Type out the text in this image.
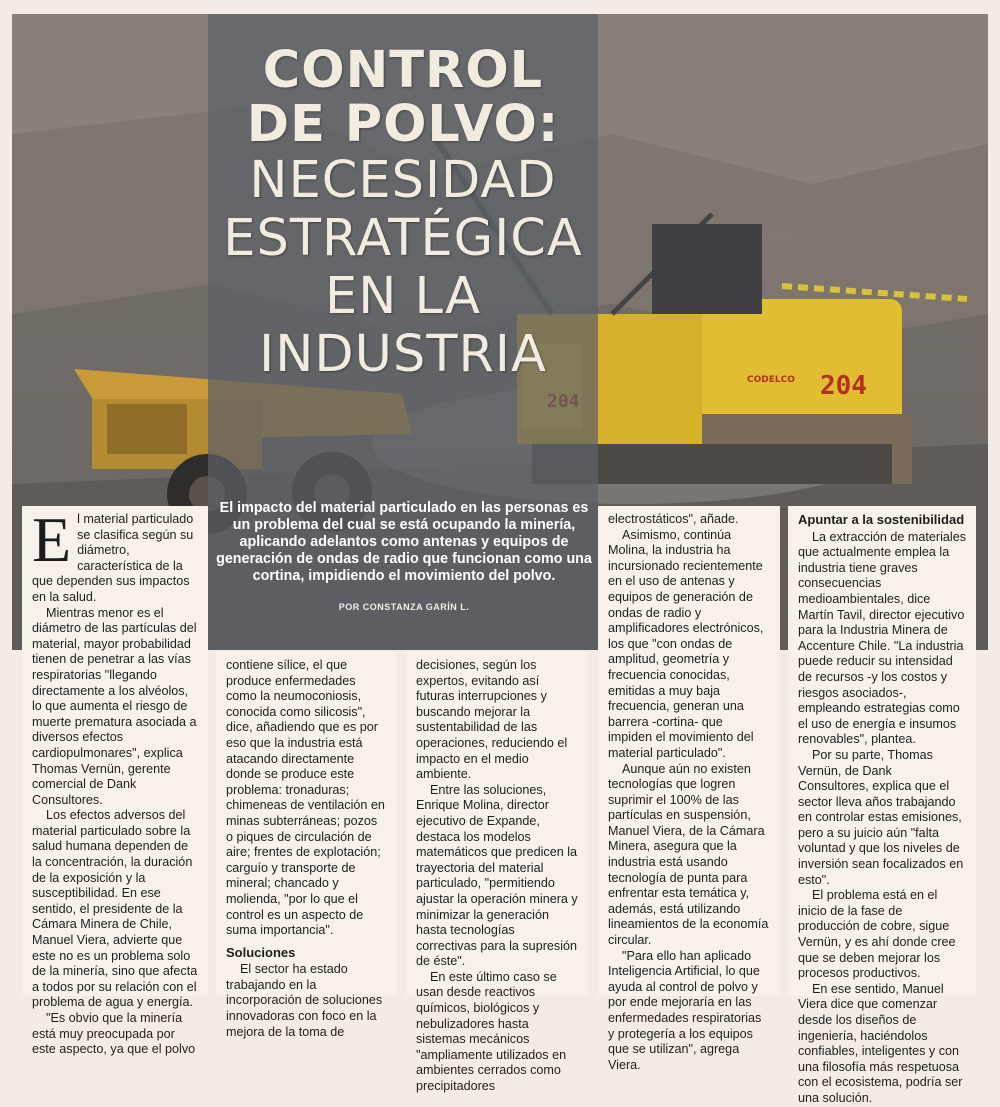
204
CODELCO
CONTROL
DE POLVO:
NECESIDAD
ESTRATÉGICA
EN LA
INDUSTRIA
El impacto del material particulado en las personas es un problema del cual se está ocupando la minería, aplicando adelantos como antenas y equipos de generación de ondas de radio que funcionan como una cortina, impidiendo el movimiento del polvo.
POR CONSTANZA GARÍN L.
E l material particulado se clasifica según su diámetro, característica de la que dependen sus impactos en la salud.

Mientras menor es el diámetro de las partículas del material, mayor probabilidad tienen de penetrar a las vías respiratorias "llegando directamente a los alvéolos, lo que aumenta el riesgo de muerte prematura asociada a diversos efectos cardiopulmonares", explica Thomas Vernün, gerente comercial de Dank Consultores.

Los efectos adversos del material particulado sobre la salud humana dependen de la concentración, la duración de la exposición y la susceptibilidad. En ese sentido, el presidente de la Cámara Minera de Chile, Manuel Viera, advierte que este no es un problema solo de la minería, sino que afecta a todos por su relación con el problema de agua y energía.

"Es obvio que la minería está muy preocupada por este aspecto, ya que el polvo

contiene sílice, el que produce enfermedades como la neumoconiosis, conocida como silicosis", dice, añadiendo que es por eso que la industria está atacando directamente donde se produce este problema: tronaduras; chimeneas de ventilación en minas subterráneas; pozos o piques de circulación de aire; frentes de explotación; carguío y transporte de mineral; chancado y molienda, "por lo que el control es un aspecto de suma importancia".

Soluciones

El sector ha estado trabajando en la incorporación de soluciones innovadoras con foco en la mejora de la toma de

decisiones, según los expertos, evitando así futuras interrupciones y buscando mejorar la sustentabilidad de las operaciones, reduciendo el impacto en el medio ambiente.

Entre las soluciones, Enrique Molina, director ejecutivo de Expande, destaca los modelos matemáticos que predicen la trayectoria del material particulado, "permitiendo ajustar la operación minera y minimizar la generación hasta tecnologías correctivas para la supresión de éste".

En este último caso se usan desde reactivos químicos, biológicos y nebulizadores hasta sistemas mecánicos "ampliamente utilizados en ambientes cerrados como precipitadores

electrostáticos", añade.

Asimismo, continúa Molina, la industria ha incursionado recientemente en el uso de antenas y equipos de generación de ondas de radio y amplificadores electrónicos, los que "con ondas de amplitud, geometría y frecuencia conocidas, emitidas a muy baja frecuencia, generan una barrera -cortina- que impiden el movimiento del material particulado".

Aunque aún no existen tecnologías que logren suprimir el 100% de las partículas en suspensión, Manuel Viera, de la Cámara Minera, asegura que la industria está usando tecnología de punta para enfrentar esta temática y, además, está utilizando lineamientos de la economía circular.

"Para ello han aplicado Inteligencia Artificial, lo que ayuda al control de polvo y por ende mejoraría en las enfermedades respiratorias y protegería a los equipos que se utilizan", agrega Viera.

Apuntar a la sostenibilidad

La extracción de materiales que actualmente emplea la industria tiene graves consecuencias medioambientales, dice Martín Tavil, director ejecutivo para la Industria Minera de Accenture Chile. "La industria puede reducir su intensidad de recursos -y los costos y riesgos asociados-, empleando estrategias como el uso de energía e insumos renovables", plantea.

Por su parte, Thomas Vernün, de Dank Consultores, explica que el sector lleva años trabajando en controlar estas emisiones, pero a su juicio aún "falta voluntad y que los niveles de inversión sean focalizados en esto".

El problema está en el inicio de la fase de producción de cobre, sigue Vernün, y es ahí donde cree que se deben mejorar los procesos productivos.

En ese sentido, Manuel Viera dice que comenzar desde los diseños de ingeniería, haciéndolos confiables, inteligentes y con una filosofía más respetuosa con el ecosistema, podría ser una solución.
